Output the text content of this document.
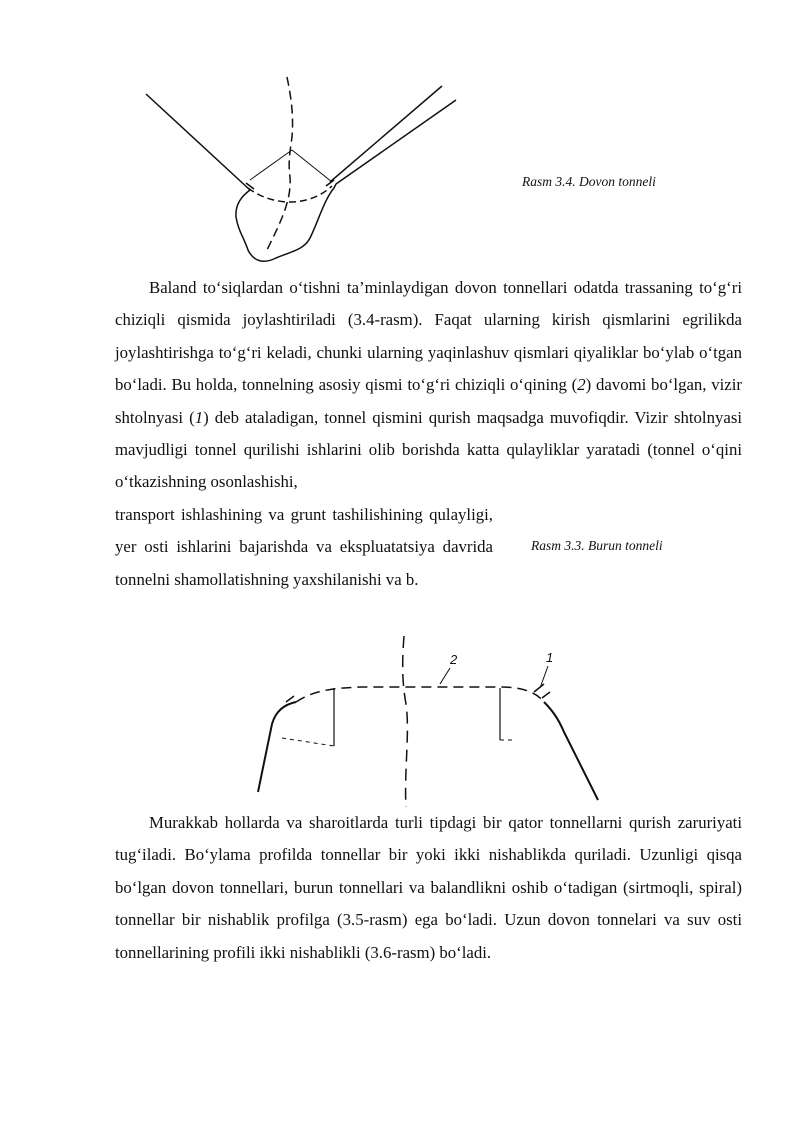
Rasm 3.4. Dovon tonneli

Baland to‘siqlardan o‘tishni ta’minlaydigan dovon tonnellari odatda trassaning to‘g‘ri chiziqli qismida joylashtiriladi (3.4-rasm). Faqat ularning kirish qismlarini egrilikda joylashtirishga to‘g‘ri keladi, chunki ularning yaqinlashuv qismlari qiyaliklar bo‘ylab o‘tgan bo‘ladi. Bu holda, tonnelning asosiy qismi to‘g‘ri chiziqli o‘qining (2) davomi bo‘lgan, vizir shtolnyasi (1) deb ataladigan, tonnel qismini qurish maqsadga muvofiqdir. Vizir shtolnyasi mavjudligi tonnel qurilishi ishlarini olib borishda katta qulayliklar yaratadi (tonnel o‘qini o‘tkazishning osonlashishi,

transport ishlashining va grunt tashilishining qulayligi, yer osti ishlarini bajarishda va ekspluatatsiya davrida tonnelni shamollatishning yaxshilanishi va b.

Rasm 3.3. Burun tonneli
2	1

Murakkab hollarda va sharoitlarda turli tipdagi bir qator tonnellarni qurish zaruriyati tug‘iladi. Bo‘ylama profilda tonnellar bir yoki ikki nishablikda quriladi. Uzunligi qisqa bo‘lgan dovon tonnellari, burun tonnellari va balandlikni oshib o‘tadigan (sirtmoqli, spiral) tonnellar bir nishablik profilga (3.5-rasm) ega bo‘ladi. Uzun dovon tonnelari va suv osti tonnellarining profili ikki nishablikli (3.6-rasm) bo‘ladi.
